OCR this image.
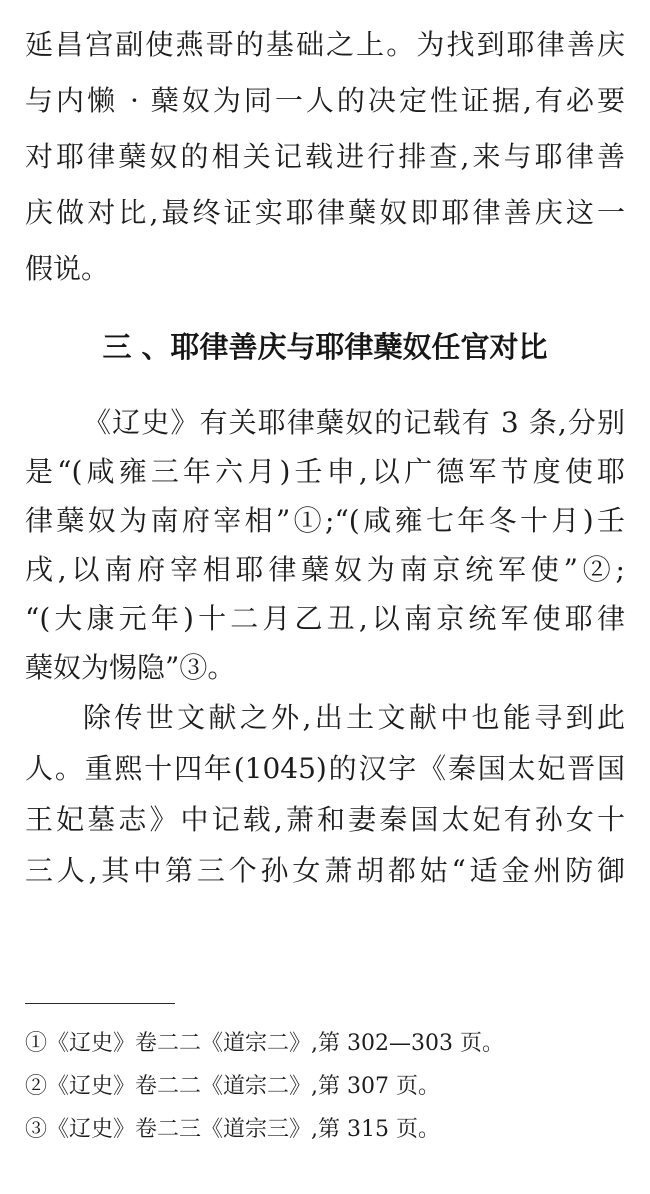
延昌宫副使燕哥的基础之上。为找到耶律善庆
与内懒 · 蘖奴为同一人的决定性证据,有必要
对耶律蘖奴的相关记载进行排查,来与耶律善
庆做对比,最终证实耶律蘖奴即耶律善庆这一
假说。
三 、耶律善庆与耶律蘖奴任官对比
《辽史》有关耶律蘖奴的记载有 3 条,分别
是“(咸雍三年六月)壬申,以广德军节度使耶
律蘖奴为南府宰相”①;“(咸雍七年冬十月)壬
戌,以南府宰相耶律蘖奴为南京统军使”②;
“(大康元年)十二月乙丑,以南京统军使耶律
蘖奴为惕隐”③。
除传世文献之外,出土文献中也能寻到此
人。重熙十四年(1045)的汉字《秦国太妃晋国
王妃墓志》中记载,萧和妻秦国太妃有孙女十
三人,其中第三个孙女萧胡都姑“适金州防御
①《辽史》卷二二《道宗二》,第 302—303 页。
②《辽史》卷二二《道宗二》,第 307 页。
③《辽史》卷二三《道宗三》,第 315 页。
